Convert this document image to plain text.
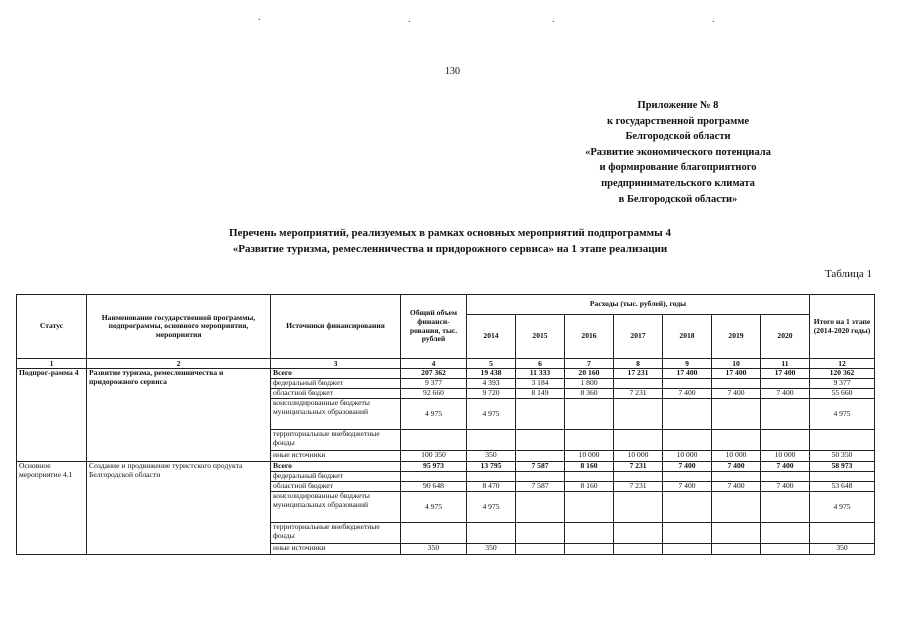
130
Приложение № 8
к государственной программе
Белгородской области
«Развитие экономического потенциала
и формирование благоприятного
предпринимательского климата
в Белгородской области»
Перечень мероприятий, реализуемых в рамках основных мероприятий подпрограммы 4
«Развитие туризма, ремесленничества и придорожного сервиса» на 1 этапе реализации
Таблица 1
Статус	Наименование государственной программы, подпрограммы, основного мероприятия, мероприятия	Источники финансирования	Общий объем финанси-рования, тыс. рублей	Расходы (тыс. рублей), годы							Итого на 1 этапе (2014-2020 годы)
				2014	2015	2016	2017	2018	2019	2020	
1	2	3	4	5	6	7	8	9	10	11	12
Подпрог-рамма 4	Развитие туризма, ремесленничества и придорожного сервиса	Всего	207 362	19 438	11 333	20 160	17 231	17 400	17 400	17 400	120 362
		федеральный бюджет	9 377	4 393	3 184	1 800					9 377
		областной бюджет	92 660	9 720	8 149	8 360	7 231	7 400	7 400	7 400	55 660
		консолидированные бюджеты муниципальных образований	4 975	4 975							4 975
		территориальные внебюджетные фонды									
		иные источники	100 350	350		10 000	10 000	10 000	10 000	10 000	50 350
Основное мероприятие 4.1	Создание и продвижение туристского продукта Белгородской области	Всего	95 973	13 795	7 587	8 160	7 231	7 400	7 400	7 400	58 973
		федеральный бюджет									
		областной бюджет	90 648	8 470	7 587	8 160	7 231	7 400	7 400	7 400	53 648
		консолидированные бюджеты муниципальных образований	4 975	4 975							4 975
		территориальные внебюджетные фонды									
		иные источники	350	350							350
.	.	.	.
